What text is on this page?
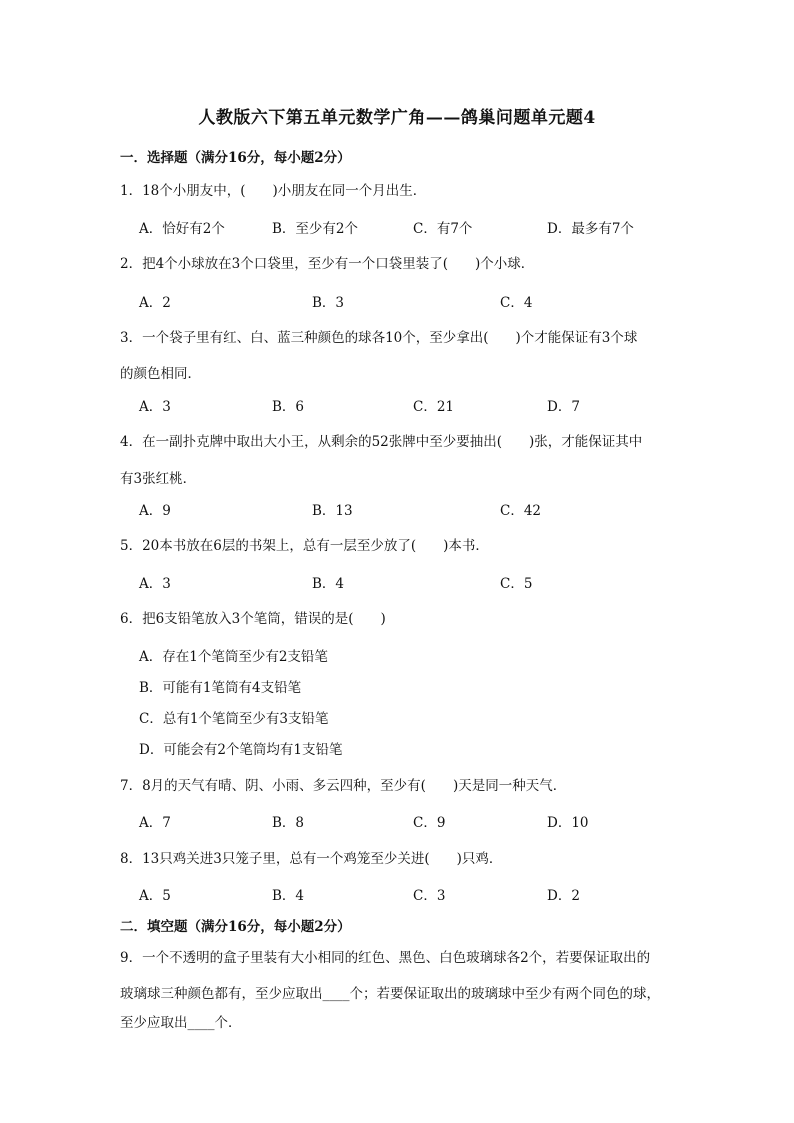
人教版六下第五单元数学广角——鸽巢问题单元题4
一．选择题（满分16分，每小题2分）
1．18个小朋友中，(　　)小朋友在同一个月出生．
A．恰好有2个	B．至少有2个	C．有7个	D．最多有7个
2．把4个小球放在3个口袋里，至少有一个口袋里装了(　　)个小球．
A．2	B．3	C．4
3．一个袋子里有红、白、蓝三种颜色的球各10个，至少拿出(　　)个才能保证有3个球
的颜色相同．
A．3	B．6	C．21	D．7
4．在一副扑克牌中取出大小王，从剩余的52张牌中至少要抽出(　　)张，才能保证其中
有3张红桃．
A．9	B．13	C．42
5．20本书放在6层的书架上，总有一层至少放了(　　)本书．
A．3	B．4	C．5
6．把6支铅笔放入3个笔筒，错误的是(　　)
A．存在1个笔筒至少有2支铅笔
B．可能有1笔筒有4支铅笔
C．总有1个笔筒至少有3支铅笔
D．可能会有2个笔筒均有1支铅笔
7．8月的天气有晴、阴、小雨、多云四种，至少有(　　)天是同一种天气．
A．7	B．8	C．9	D．10
8．13只鸡关进3只笼子里，总有一个鸡笼至少关进(　　)只鸡．
A．5	B．4	C．3	D．2
二．填空题（满分16分，每小题2分）
9．一个不透明的盒子里装有大小相同的红色、黑色、白色玻璃球各2个，若要保证取出的
玻璃球三种颜色都有，至少应取出____个；若要保证取出的玻璃球中至少有两个同色的球，
至少应取出____个．
